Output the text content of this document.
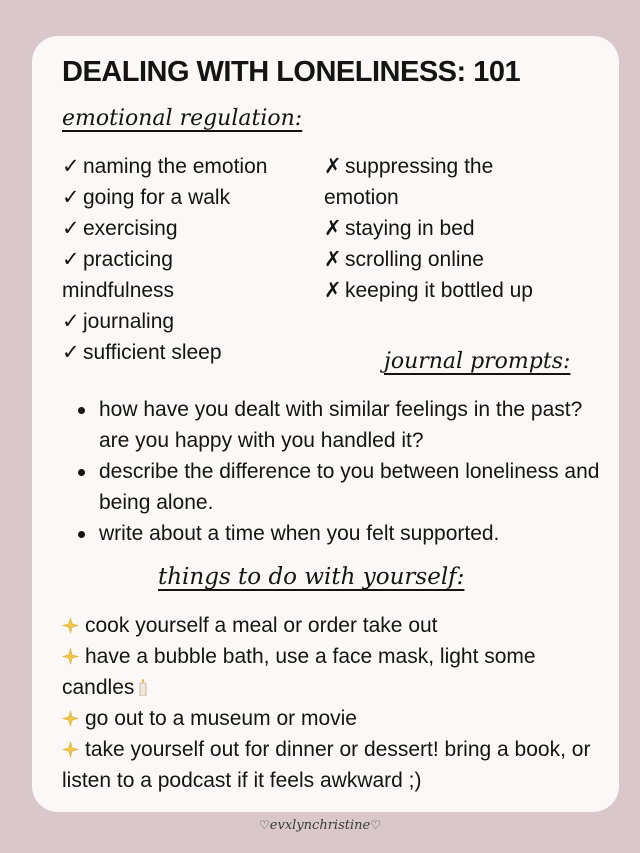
DEALING WITH LONELINESS: 101
emotional regulation:
✓ naming the emotion
✓ going for a walk
✓ exercising
✓ practicing
mindfulness
✓ journaling
✓ sufficient sleep
✗ suppressing the
emotion
✗ staying in bed
✗ scrolling online
✗ keeping it bottled up
journal prompts:
how have you dealt with similar feelings in the past? are you happy with you handled it?
describe the difference to you between loneliness and being alone.
write about a time when you felt supported.
things to do with yourself:
cook yourself a meal or order take out
have a bubble bath, use a face mask, light some candles
go out to a museum or movie
take yourself out for dinner or dessert! bring a book, or listen to a podcast if it feels awkward ;)
♡evxlynchristine♡
